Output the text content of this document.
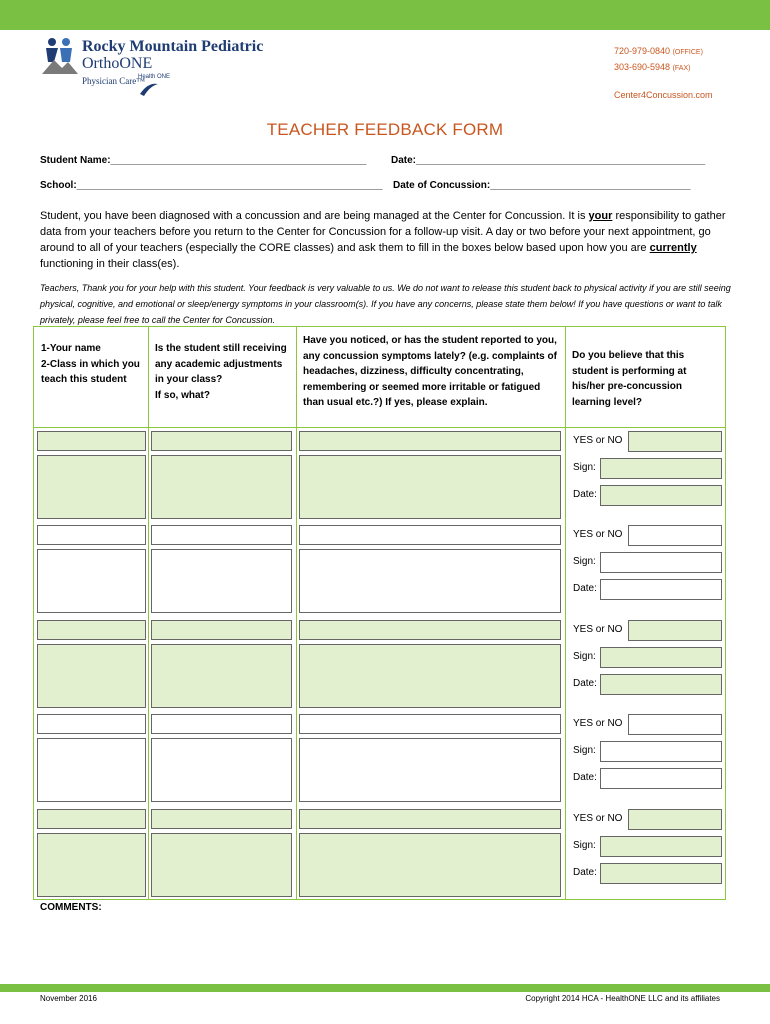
Rocky Mountain Pediatric
OrthoONE
Physician Care™
Health ONE
720-979-0840 (OFFICE)
303-690-5948 (FAX)
Center4Concussion.com
TEACHER FEEDBACK FORM
Student Name:______________________________________________ Date:____________________________________________________
School:_______________________________________________________ Date of Concussion:____________________________________
Student, you have been diagnosed with a concussion and are being managed at the Center for Concussion. It is your responsibility to gather data from your teachers before you return to the Center for Concussion for a follow-up visit. A day or two before your next appointment, go around to all of your teachers (especially the CORE classes) and ask them to fill in the boxes below based upon how you are currently functioning in their class(es).
Teachers, Thank you for your help with this student. Your feedback is very valuable to us. We do not want to release this student back to physical activity if you are still seeing physical, cognitive, and emotional or sleep/energy symptoms in your classroom(s). If you have any concerns, please state them below! If you have questions or want to talk privately, please feel free to call the Center for Concussion.
1-Your name
2-Class in which you
teach this student
Is the student still receiving any academic adjustments in your class?
If so, what?
Have you noticed, or has the student reported to you, any concussion symptoms lately? (e.g. complaints of headaches, dizziness, difficulty concentrating, remembering or seemed more irritable or fatigued than usual etc.?) If yes, please explain.
Do you believe that this student is performing at his/her pre-concussion learning level?
YES or NO
Sign:
Date:
YES or NO
Sign:
Date:
YES or NO
Sign:
Date:
YES or NO
Sign:
Date:
YES or NO
Sign:
Date:
COMMENTS:
November 2016	Copyright 2014 HCA - HealthONE LLC and its affiliates
